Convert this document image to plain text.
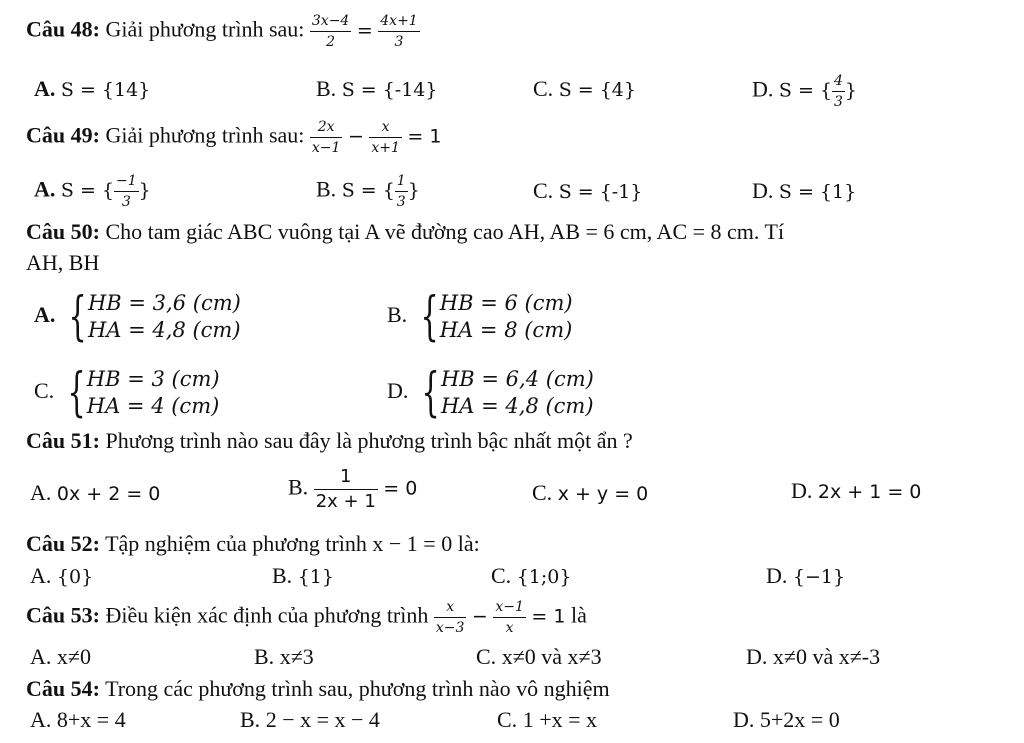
Câu 48: Giải phương trình sau: $\frac{3x-4}{2} = \frac{4x+1}{3}$
A. S = {14}	B. S = {-14}	C. S = {4}	D. S = { $\frac{4}{3}$ }
Câu 49: Giải phương trình sau: $\frac{2x}{x-1} - \frac{x}{x+1} = 1$
A. S = { $\frac{-1}{3}$ }	B. S = { $\frac{1}{3}$ }	C. S = {-1}	D. S = {1}
Câu 50: Cho tam giác ABC vuông tại A vẽ đường cao AH, AB = 6 cm, AC = 8 cm. Tí
AH, BH
A. { HB = 3,6 (cm)
HA = 4,8 (cm)
B. { HB = 6 (cm)
HA = 8 (cm)
C. { HB = 3 (cm)
HA = 4 (cm)
D. { HB = 6,4 (cm)
HA = 4,8 (cm)
Câu 51: Phương trình nào sau đây là phương trình bậc nhất một ẩn ?
A. 0x + 2 = 0	B. $\frac{1}{2x + 1} = 0$	C. x + y = 0	D. 2x + 1 = 0
Câu 52: Tập nghiệm của phương trình x − 1 = 0 là:
A. {0}	B. {1}	C. {1;0}	D. {−1}
Câu 53: Điều kiện xác định của phương trình $\frac{x}{x-3} - \frac{x-1}{x} = 1$ là
A. x≠0	B. x≠3	C. x≠0 và x≠3	D. x≠0 và x≠-3
Câu 54: Trong các phương trình sau, phương trình nào vô nghiệm
A. 8+x = 4	B. 2 − x = x − 4	C. 1 +x = x	D. 5+2x = 0
